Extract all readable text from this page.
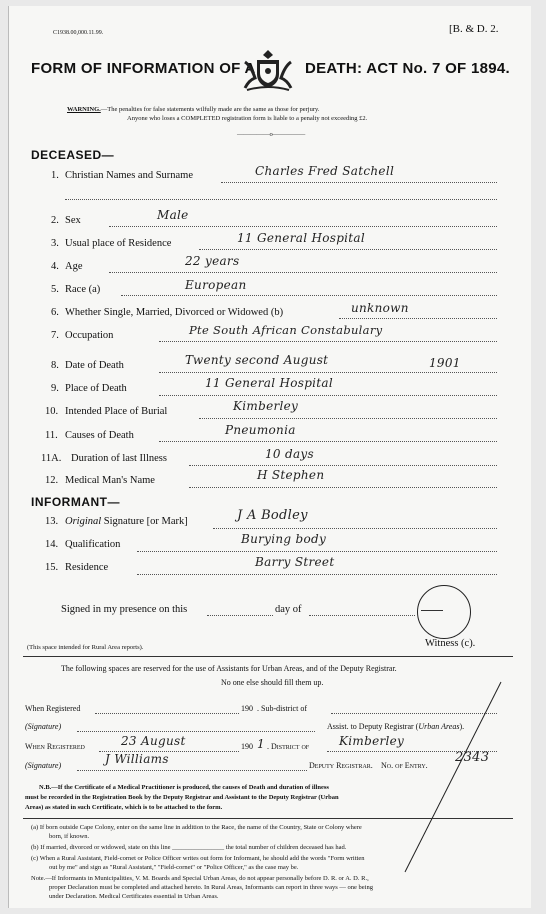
C1938.00,000.11.99.	[B. & D. 2.
FORM OF INFORMATION OF A	DEATH: ACT No. 7 OF 1894.
WARNING.—The penalties for false statements wilfully made are the same as those for perjury.
Anyone who loses a COMPLETED registration form is liable to a penalty not exceeding £2.
—————o—————
DECEASED—
1. Christian Names and Surname	Charles Fred Satchell
2. Sex	Male
3. Usual place of Residence	11 General Hospital
4. Age	22 years
5. Race (a)	European
6. Whether Single, Married, Divorced or Widowed (b)	unknown
7. Occupation	Pte South African Constabulary
8. Date of Death	Twenty second August	1901
9. Place of Death	11 General Hospital
10. Intended Place of Burial	Kimberley
11. Causes of Death	Pneumonia
11A. Duration of last Illness	10 days
12. Medical Man's Name	H Stephen
INFORMANT—
13. Original Signature [or Mark]	J A Bodley
14. Qualification	Burying body
15. Residence	Barry Street
Signed in my presence on this	day of
(This space intended for Rural Area reports).	Witness (c).
The following spaces are reserved for the use of Assistants for Urban Areas, and of the Deputy Registrar.
No one else should fill them up.
When Registered	190 . Sub-district of
(Signature)	Assist. to Deputy Registrar (Urban Areas).
When Registered	23 August	190 1 . District of Kimberley
(Signature)	J Williams	Deputy Registrar. No. of Entry.
2343
N.B.—If the Certificate of a Medical Practitioner is produced, the causes of Death and duration of illness
must be recorded in the Registration Book by the Deputy Registrar and Assistant to the Deputy Registrar (Urban
Areas) as stated in such Certificate, which is to be attached to the form.
(a) If born outside Cape Colony, enter on the same line in addition to the Race, the name of the Country, State or Colony where
born, if known.
(b) If married, divorced or widowed, state on this line ________________ the total number of children deceased has had.
(c) When a Rural Assistant, Field-cornet or Police Officer writes out form for Informant, he should add the words "Form written
out by me" and sign as "Rural Assistant," "Field-cornet" or "Police Officer," as the case may be.
Note.—If Informants in Municipalities, V. M. Boards and Special Urban Areas, do not appear personally before D. R. or A. D. R.,
proper Declaration must be completed and attached hereto. In Rural Areas, Informants can report in three ways — one being
under Declaration. Medical Certificates essential in Urban Areas.
